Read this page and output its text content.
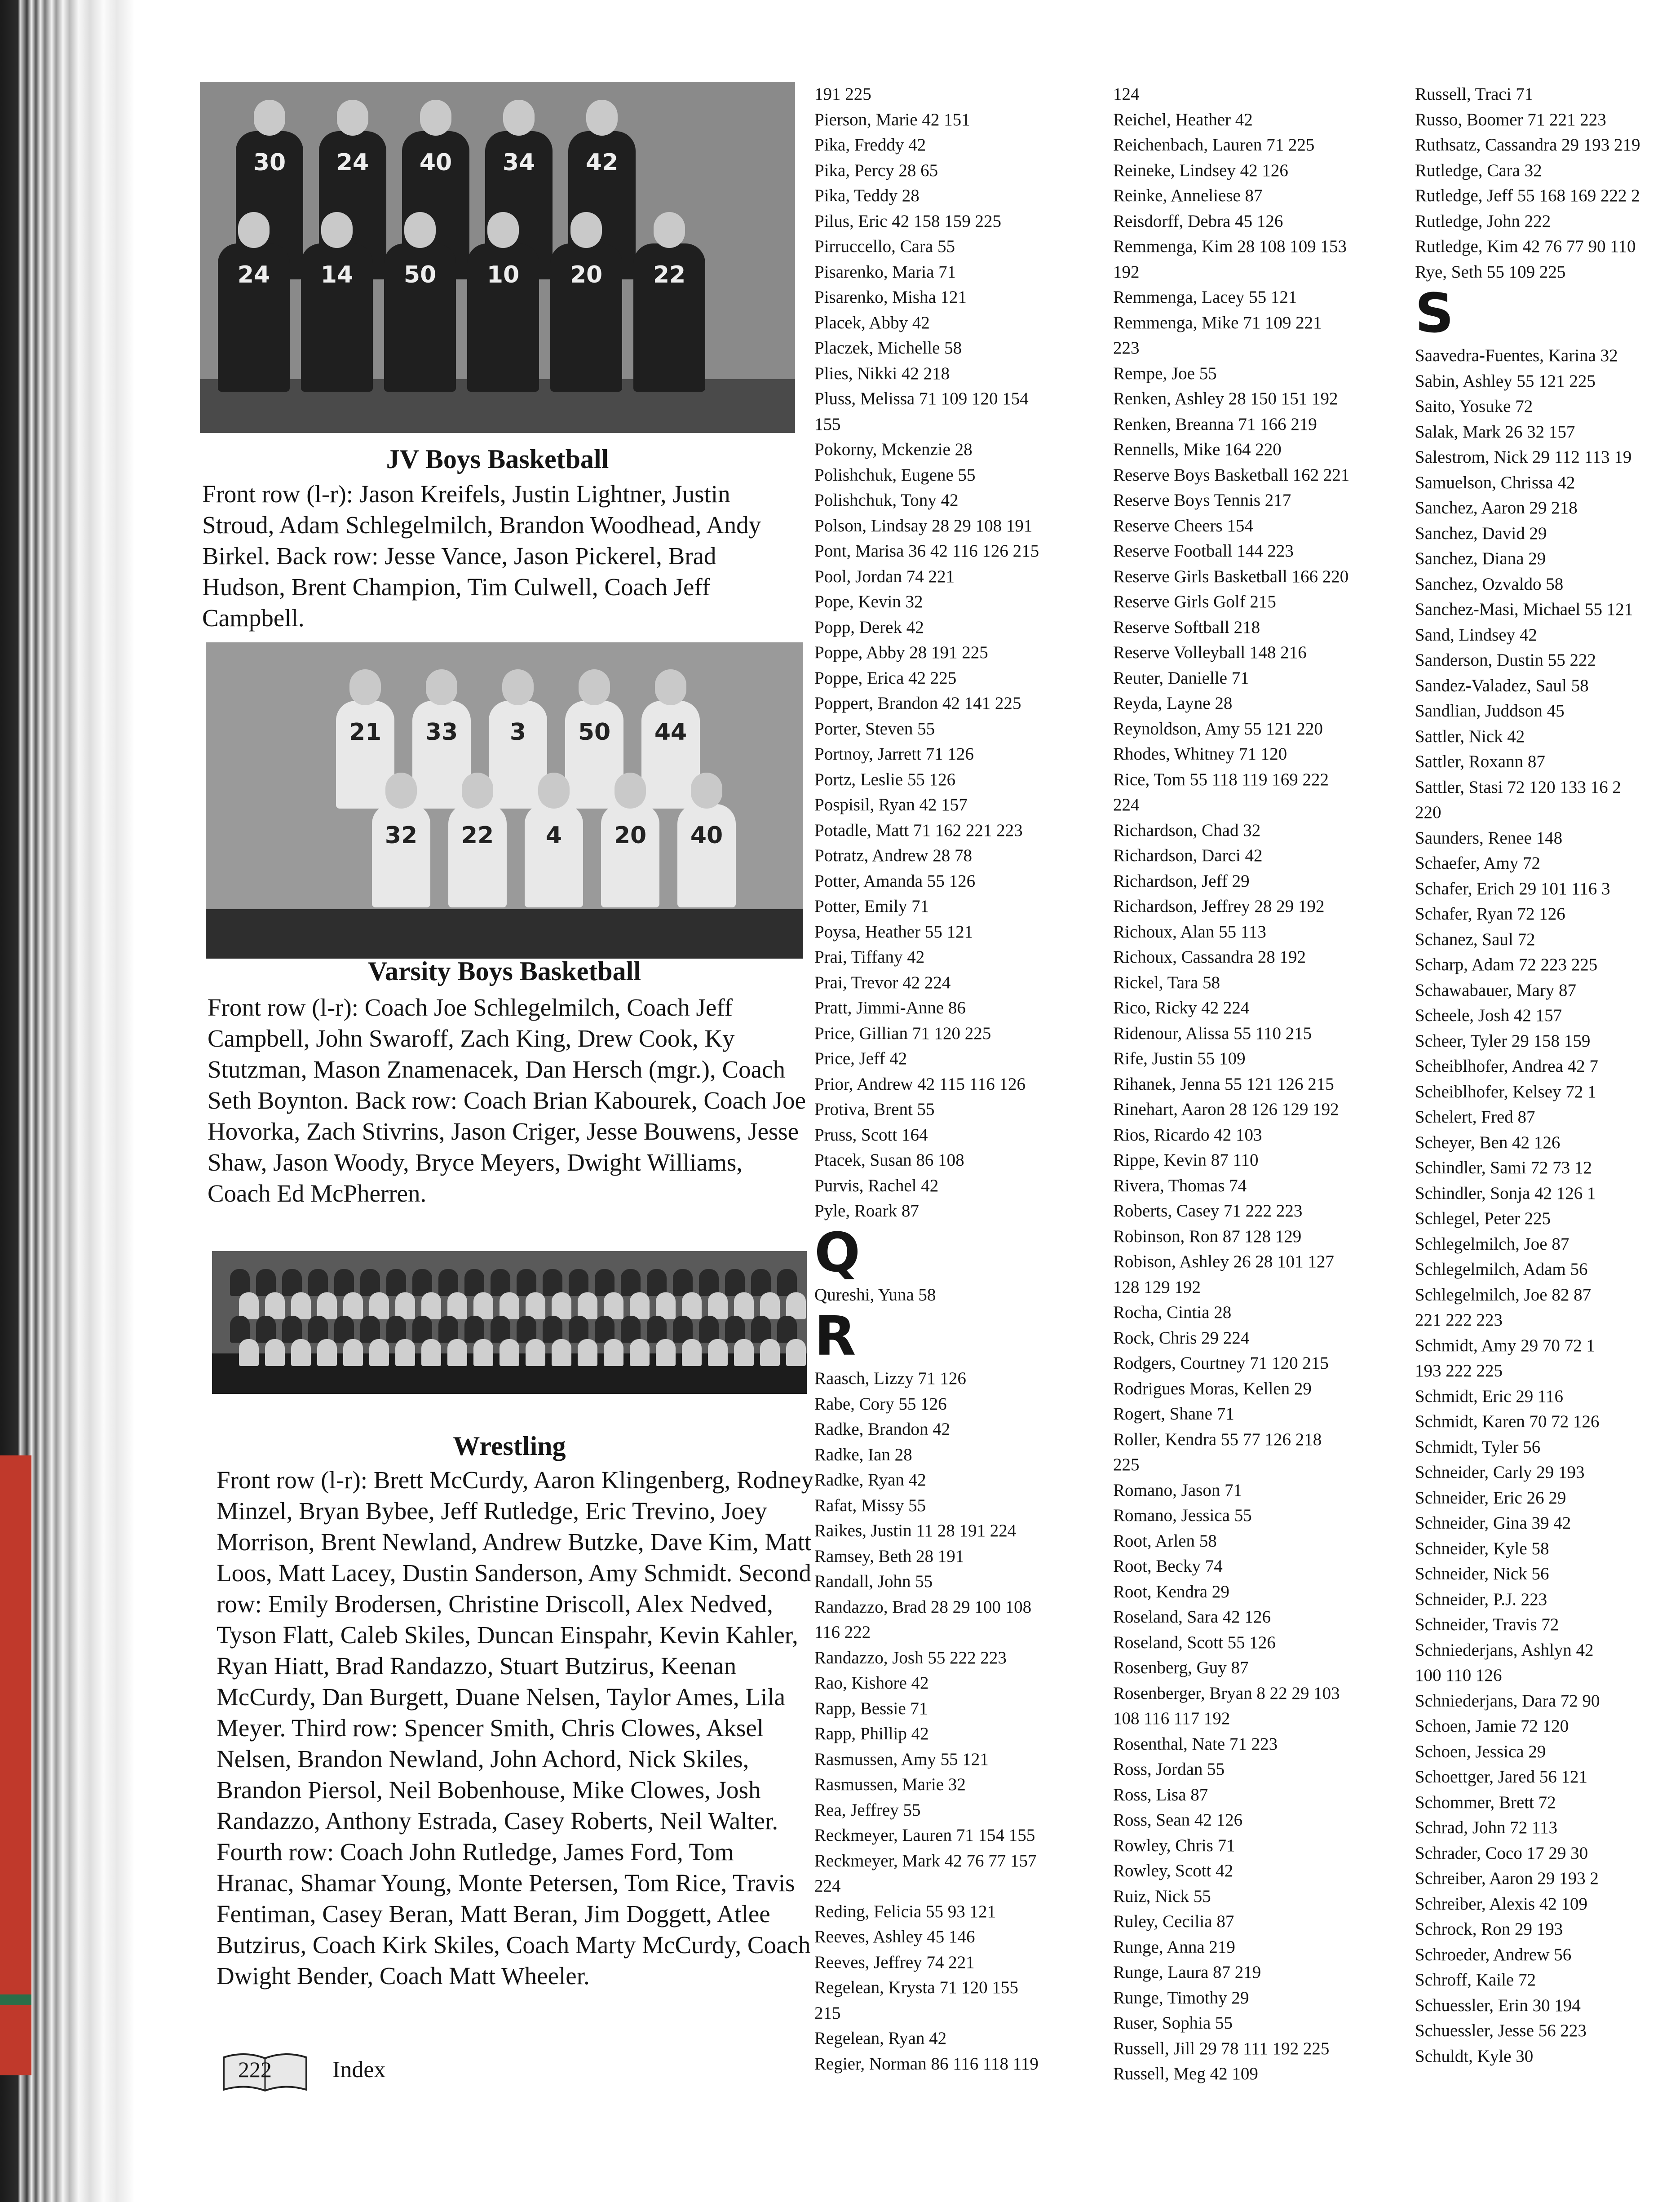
30	24	40	34	42
24	14	50	10	20	22
JV Boys Basketball
Front row (l-r): Jason Kreifels, Justin Lightner, Justin Stroud, Adam Schlegelmilch, Brandon Woodhead, Andy Birkel. Back row: Jesse Vance, Jason Pickerel, Brad Hudson, Brent Champion, Tim Culwell, Coach Jeff Campbell.
21	33	3	50	44
32	22	4	20	40
Varsity Boys Basketball
Front row (l-r): Coach Joe Schlegelmilch, Coach Jeff Campbell, John Swaroff, Zach King, Drew Cook, Ky Stutzman, Mason Znamenacek, Dan Hersch (mgr.), Coach Seth Boynton. Back row: Coach Brian Kabourek, Coach Joe Hovorka, Zach Stivrins, Jason Criger, Jesse Bouwens, Jesse Shaw, Jason Woody, Bryce Meyers, Dwight Williams, Coach Ed McPherren.
Wrestling
Front row (l-r): Brett McCurdy, Aaron Klingenberg, Rodney Minzel, Bryan Bybee, Jeff Rutledge, Eric Trevino, Joey Morrison, Brent Newland, Andrew Butzke, Dave Kim, Matt Loos, Matt Lacey, Dustin Sanderson, Amy Schmidt. Second row: Emily Brodersen, Christine Driscoll, Alex Nedved, Tyson Flatt, Caleb Skiles, Duncan Einspahr, Kevin Kahler, Ryan Hiatt, Brad Randazzo, Stuart Butzirus, Keenan McCurdy, Dan Burgett, Duane Nelsen, Taylor Ames, Lila Meyer. Third row: Spencer Smith, Chris Clowes, Aksel Nelsen, Brandon Newland, John Achord, Nick Skiles, Brandon Piersol, Neil Bobenhouse, Mike Clowes, Josh Randazzo, Anthony Estrada, Casey Roberts, Neil Walter. Fourth row: Coach John Rutledge, James Ford, Tom Hranac, Shamar Young, Monte Petersen, Tom Rice, Travis Fentiman, Casey Beran, Matt Beran, Jim Doggett, Atlee Butzirus, Coach Kirk Skiles, Coach Marty McCurdy, Coach Dwight Bender, Coach Matt Wheeler.
191 225
Pierson, Marie 42 151
Pika, Freddy 42
Pika, Percy 28 65
Pika, Teddy 28
Pilus, Eric 42 158 159 225
Pirruccello, Cara 55
Pisarenko, Maria 71
Pisarenko, Misha 121
Placek, Abby 42
Placzek, Michelle 58
Plies, Nikki 42 218
Pluss, Melissa 71 109 120 154
155
Pokorny, Mckenzie 28
Polishchuk, Eugene 55
Polishchuk, Tony 42
Polson, Lindsay 28 29 108 191
Pont, Marisa 36 42 116 126 215
Pool, Jordan 74 221
Pope, Kevin 32
Popp, Derek 42
Poppe, Abby 28 191 225
Poppe, Erica 42 225
Poppert, Brandon 42 141 225
Porter, Steven 55
Portnoy, Jarrett 71 126
Portz, Leslie 55 126
Pospisil, Ryan 42 157
Potadle, Matt 71 162 221 223
Potratz, Andrew 28 78
Potter, Amanda 55 126
Potter, Emily 71
Poysa, Heather 55 121
Prai, Tiffany 42
Prai, Trevor 42 224
Pratt, Jimmi-Anne 86
Price, Gillian 71 120 225
Price, Jeff 42
Prior, Andrew 42 115 116 126
Protiva, Brent 55
Pruss, Scott 164
Ptacek, Susan 86 108
Purvis, Rachel 42
Pyle, Roark 87
Q
Qureshi, Yuna 58
R
Raasch, Lizzy 71 126
Rabe, Cory 55 126
Radke, Brandon 42
Radke, Ian 28
Radke, Ryan 42
Rafat, Missy 55
Raikes, Justin 11 28 191 224
Ramsey, Beth 28 191
Randall, John 55
Randazzo, Brad 28 29 100 108
116 222
Randazzo, Josh 55 222 223
Rao, Kishore 42
Rapp, Bessie 71
Rapp, Phillip 42
Rasmussen, Amy 55 121
Rasmussen, Marie 32
Rea, Jeffrey 55
Reckmeyer, Lauren 71 154 155
Reckmeyer, Mark 42 76 77 157
224
Reding, Felicia 55 93 121
Reeves, Ashley 45 146
Reeves, Jeffrey 74 221
Regelean, Krysta 71 120 155
215
Regelean, Ryan 42
Regier, Norman 86 116 118 119
124
Reichel, Heather 42
Reichenbach, Lauren 71 225
Reineke, Lindsey 42 126
Reinke, Anneliese 87
Reisdorff, Debra 45 126
Remmenga, Kim 28 108 109 153
192
Remmenga, Lacey 55 121
Remmenga, Mike 71 109 221
223
Rempe, Joe 55
Renken, Ashley 28 150 151 192
Renken, Breanna 71 166 219
Rennells, Mike 164 220
Reserve Boys Basketball 162 221
Reserve Boys Tennis 217
Reserve Cheers 154
Reserve Football 144 223
Reserve Girls Basketball 166 220
Reserve Girls Golf 215
Reserve Softball 218
Reserve Volleyball 148 216
Reuter, Danielle 71
Reyda, Layne 28
Reynoldson, Amy 55 121 220
Rhodes, Whitney 71 120
Rice, Tom 55 118 119 169 222
224
Richardson, Chad 32
Richardson, Darci 42
Richardson, Jeff 29
Richardson, Jeffrey 28 29 192
Richoux, Alan 55 113
Richoux, Cassandra 28 192
Rickel, Tara 58
Rico, Ricky 42 224
Ridenour, Alissa 55 110 215
Rife, Justin 55 109
Rihanek, Jenna 55 121 126 215
Rinehart, Aaron 28 126 129 192
Rios, Ricardo 42 103
Rippe, Kevin 87 110
Rivera, Thomas 74
Roberts, Casey 71 222 223
Robinson, Ron 87 128 129
Robison, Ashley 26 28 101 127
128 129 192
Rocha, Cintia 28
Rock, Chris 29 224
Rodgers, Courtney 71 120 215
Rodrigues Moras, Kellen 29
Rogert, Shane 71
Roller, Kendra 55 77 126 218
225
Romano, Jason 71
Romano, Jessica 55
Root, Arlen 58
Root, Becky 74
Root, Kendra 29
Roseland, Sara 42 126
Roseland, Scott 55 126
Rosenberg, Guy 87
Rosenberger, Bryan 8 22 29 103
108 116 117 192
Rosenthal, Nate 71 223
Ross, Jordan 55
Ross, Lisa 87
Ross, Sean 42 126
Rowley, Chris 71
Rowley, Scott 42
Ruiz, Nick 55
Ruley, Cecilia 87
Runge, Anna 219
Runge, Laura 87 219
Runge, Timothy 29
Ruser, Sophia 55
Russell, Jill 29 78 111 192 225
Russell, Meg 42 109
Russell, Traci 71
Russo, Boomer 71 221 223
Ruthsatz, Cassandra 29 193 219
Rutledge, Cara 32
Rutledge, Jeff 55 168 169 222 2
Rutledge, John 222
Rutledge, Kim 42 76 77 90 110
Rye, Seth 55 109 225
S
Saavedra-Fuentes, Karina 32
Sabin, Ashley 55 121 225
Saito, Yosuke 72
Salak, Mark 26 32 157
Salestrom, Nick 29 112 113 19
Samuelson, Chrissa 42
Sanchez, Aaron 29 218
Sanchez, David 29
Sanchez, Diana 29
Sanchez, Ozvaldo 58
Sanchez-Masi, Michael 55 121
Sand, Lindsey 42
Sanderson, Dustin 55 222
Sandez-Valadez, Saul 58
Sandlian, Juddson 45
Sattler, Nick 42
Sattler, Roxann 87
Sattler, Stasi 72 120 133 16 2
220
Saunders, Renee 148
Schaefer, Amy 72
Schafer, Erich 29 101 116 3
Schafer, Ryan 72 126
Schanez, Saul 72
Scharp, Adam 72 223 225
Schawabauer, Mary 87
Scheele, Josh 42 157
Scheer, Tyler 29 158 159
Scheiblhofer, Andrea 42 7
Scheiblhofer, Kelsey 72 1
Schelert, Fred 87
Scheyer, Ben 42 126
Schindler, Sami 72 73 12
Schindler, Sonja 42 126 1
Schlegel, Peter 225
Schlegelmilch, Joe 87
Schlegelmilch, Adam 56
Schlegelmilch, Joe 82 87
221 222 223
Schmidt, Amy 29 70 72 1
193 222 225
Schmidt, Eric 29 116
Schmidt, Karen 70 72 126
Schmidt, Tyler 56
Schneider, Carly 29 193
Schneider, Eric 26 29
Schneider, Gina 39 42
Schneider, Kyle 58
Schneider, Nick 56
Schneider, P.J. 223
Schneider, Travis 72
Schniederjans, Ashlyn 42
100 110 126
Schniederjans, Dara 72 90
Schoen, Jamie 72 120
Schoen, Jessica 29
Schoettger, Jared 56 121
Schommer, Brett 72
Schrad, John 72 113
Schrader, Coco 17 29 30
Schreiber, Aaron 29 193 2
Schreiber, Alexis 42 109
Schrock, Ron 29 193
Schroeder, Andrew 56
Schroff, Kaile 72
Schuessler, Erin 30 194
Schuessler, Jesse 56 223
Schuldt, Kyle 30
222	Index
